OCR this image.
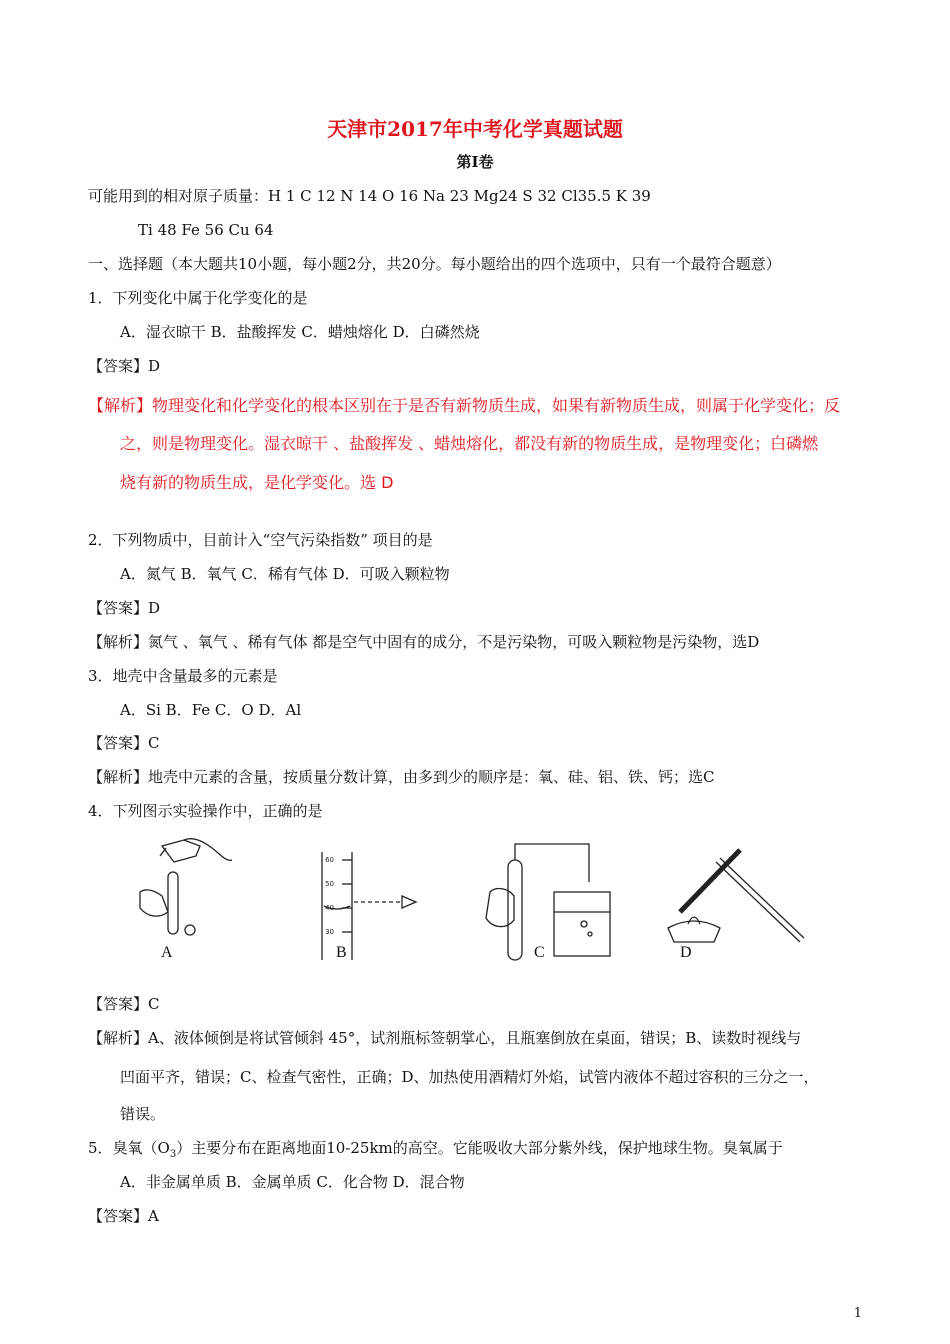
天津市2017年中考化学真题试题
第I卷
可能用到的相对原子质量：H 1 C 12 N 14 O 16 Na 23 Mg24 S 32 Cl35.5 K 39
Ti 48 Fe 56 Cu 64
一、选择题（本大题共10小题，每小题2分，共20分。每小题给出的四个选项中，只有一个最符合题意）
1．下列变化中属于化学变化的是
A．湿衣晾干 B．盐酸挥发 C．蜡烛熔化 D．白磷然烧
【答案】D
【解析】物理变化和化学变化的根本区别在于是否有新物质生成，如果有新物质生成，则属于化学变化；反
之，则是物理变化。湿衣晾干 、盐酸挥发 、蜡烛熔化，都没有新的物质生成，是物理变化；白磷燃
烧有新的物质生成，是化学变化。选 D
2．下列物质中，目前计入“空气污染指数” 项目的是
A．氮气 B．氧气 C．稀有气体 D．可吸入颗粒物
【答案】D
【解析】氮气 、氧气 、稀有气体 都是空气中固有的成分，不是污染物，可吸入颗粒物是污染物，选D
3．地壳中含量最多的元素是
A．Si B．Fe C．O D．Al
【答案】C
【解析】地壳中元素的含量，按质量分数计算，由多到少的顺序是：氧、硅、铝、铁、钙；选C
4．下列图示实验操作中，正确的是
60
50
40
30
A	B	C	D
【答案】C
【解析】A、液体倾倒是将试管倾斜 45°，试剂瓶标签朝掌心，且瓶塞倒放在桌面，错误；B、读数时视线与
凹面平齐，错误；C、检查气密性，正确；D、加热使用酒精灯外焰，试管内液体不超过容积的三分之一，
错误。
5．臭氧$(O_3)$主要分布在距离地面10-25km的高空。它能吸收大部分紫外线，保护地球生物。臭氧属于
A．非金属单质 B．金属单质 C．化合物 D．混合物
【答案】A
1
